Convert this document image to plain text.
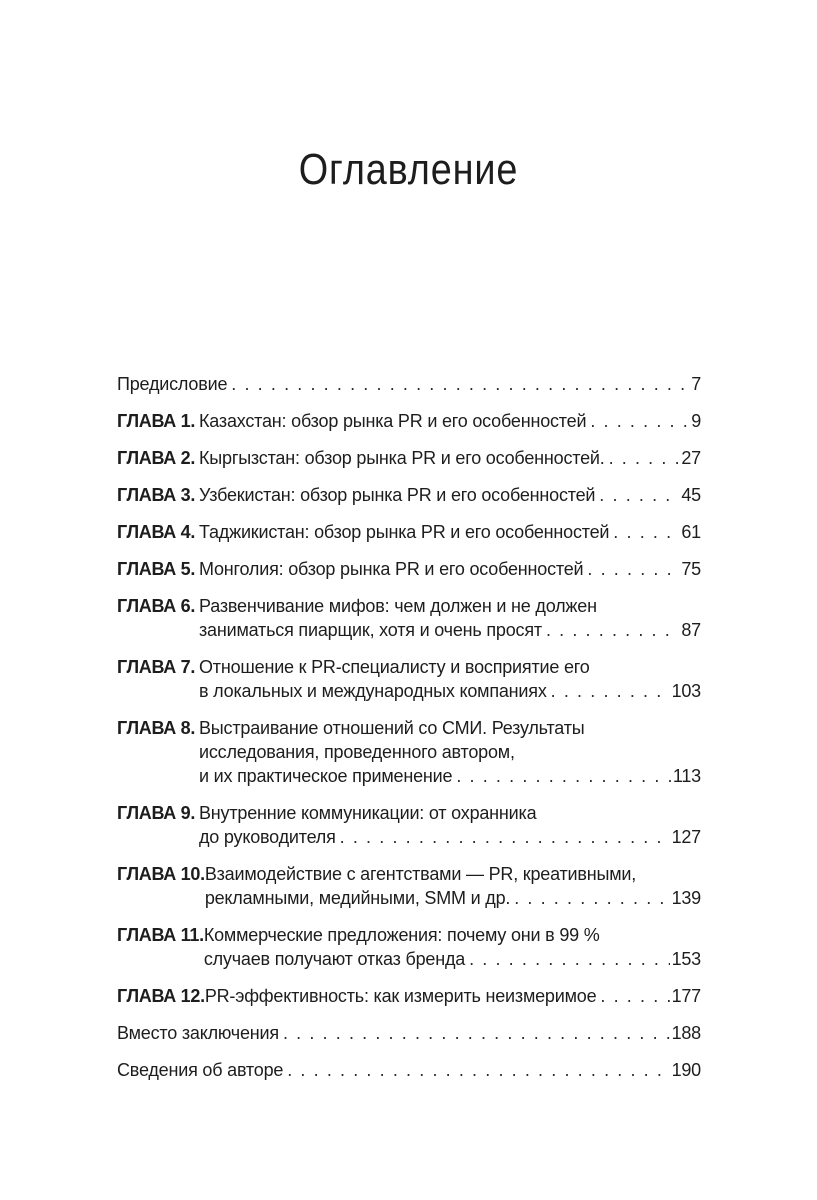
Оглавление
Предисловие . . .	7
ГЛАВА 1. Казахстан: обзор рынка PR и его особенностей . . .	9
ГЛАВА 2. Кыргызстан: обзор рынка PR и его особенностей. . . .	27
ГЛАВА 3. Узбекистан: обзор рынка PR и его особенностей . . .	45
ГЛАВА 4. Таджикистан: обзор рынка PR и его особенностей . . .	61
ГЛАВА 5. Монголия: обзор рынка PR и его особенностей . . .	75
ГЛАВА 6. Развенчивание мифов: чем должен и не должен
заниматься пиарщик, хотя и очень просят . . .	87
ГЛАВА 7. Отношение к PR-специалисту и восприятие его
в локальных и международных компаниях . . .	103
ГЛАВА 8. Выстраивание отношений со СМИ. Результаты
исследования, проведенного автором,
и их практическое применение . . .	113
ГЛАВА 9. Внутренние коммуникации: от охранника
до руководителя . . .	127
ГЛАВА 10. Взаимодействие с агентствами — PR, креативными,
рекламными, медийными, SMM и др. . . .	139
ГЛАВА 11. Коммерческие предложения: почему они в 99 %
случаев получают отказ бренда . . .	153
ГЛАВА 12. PR-эффективность: как измерить неизмеримое . . .	177
Вместо заключения . . .	188
Сведения об авторе . . .	190
